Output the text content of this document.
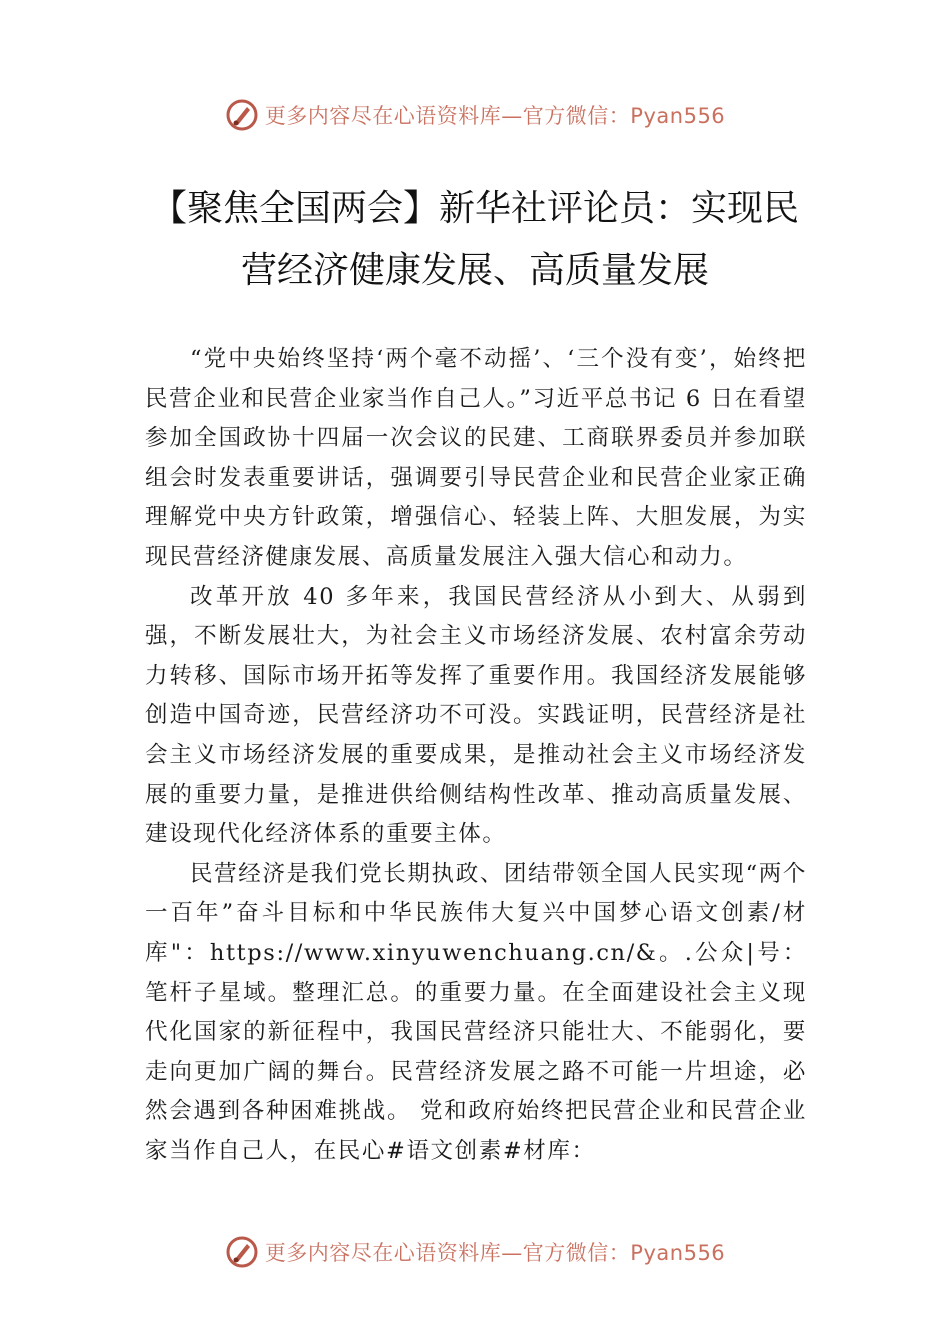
更多内容尽在心语资料库—官方微信：Pyan556
【聚焦全国两会】新华社评论员：实现民
营经济健康发展、高质量发展

“党中央始终坚持‘两个毫不动摇’、‘三个没有变’，始终把民营企业和民营企业家当作自己人。”习近平总书记 6 日在看望参加全国政协十四届一次会议的民建、工商联界委员并参加联组会时发表重要讲话，强调要引导民营企业和民营企业家正确理解党中央方针政策，增强信心、轻装上阵、大胆发展，为实现民营经济健康发展、高质量发展注入强大信心和动力。

改革开放 40 多年来，我国民营经济从小到大、从弱到强，不断发展壮大，为社会主义市场经济发展、农村富余劳动力转移、国际市场开拓等发挥了重要作用。我国经济发展能够创造中国奇迹，民营经济功不可没。实践证明，民营经济是社会主义市场经济发展的重要成果，是推动社会主义市场经济发展的重要力量，是推进供给侧结构性改革、推动高质量发展、建设现代化经济体系的重要主体。

民营经济是我们党长期执政、团结带领全国人民实现“两个一百年”奋斗目标和中华民族伟大复兴中国梦心语文创素/材库"：https://www.xinyuwenchuang.cn/&。.公众|号：笔杆子星域。整理汇总。的重要力量。在全面建设社会主义现代化国家的新征程中，我国民营经济只能壮大、不能弱化，要走向更加广阔的舞台。民营经济发展之路不可能一片坦途，必然会遇到各种困难挑战。 党和政府始终把民营企业和民营企业家当作自己人，在民心#语文创素#材库：

更多内容尽在心语资料库—官方微信：Pyan556
